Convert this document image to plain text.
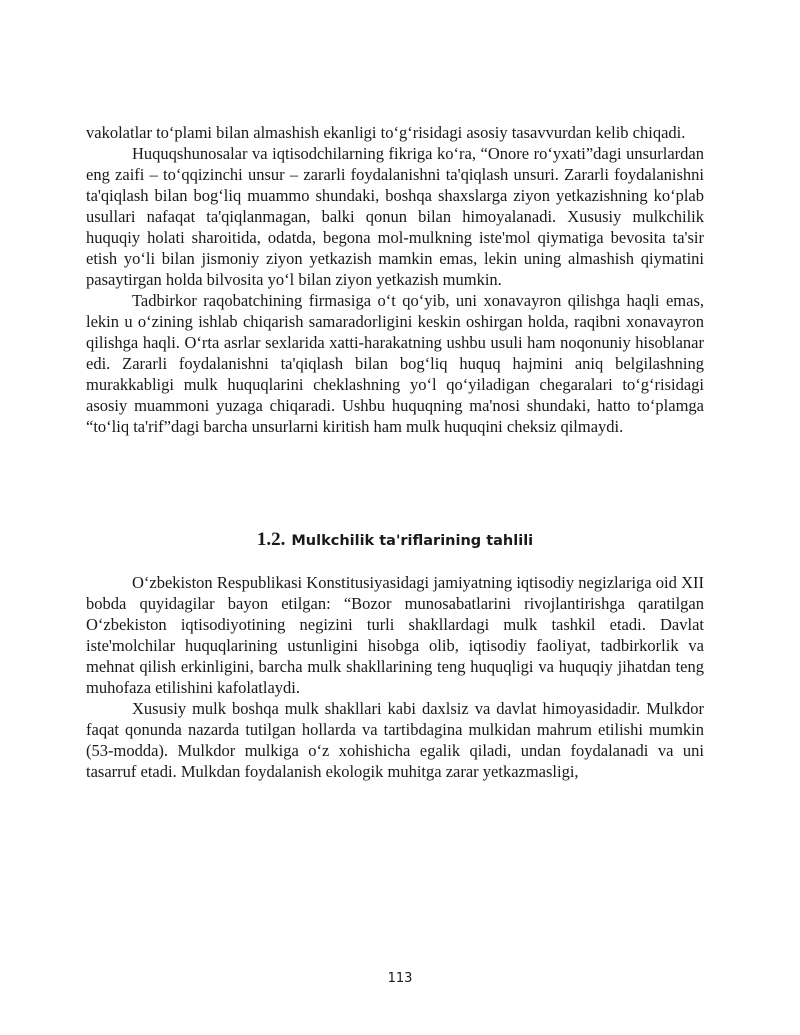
vakolatlar to‘plami bilan almashish ekanligi to‘g‘risidagi asosiy tasavvurdan kelib chiqadi.

Huquqshunosalar va iqtisodchilarning fikriga ko‘ra, “Onore ro‘yxati”dagi unsurlardan eng zaifi – to‘qqizinchi unsur – zararli foydalanishni ta'qiqlash unsuri. Zararli foydalanishni ta'qiqlash bilan bog‘liq muammo shundaki, boshqa shaxslarga ziyon yetkazishning ko‘plab usullari nafaqat ta'qiqlanmagan, balki qonun bilan himoyalanadi. Xususiy mulkchilik huquqiy holati sharoitida, odatda, begona mol-mulkning iste'mol qiymatiga bevosita ta'sir etish yo‘li bilan jismoniy ziyon yetkazish mamkin emas, lekin uning almashish qiymatini pasaytirgan holda bilvosita yo‘l bilan ziyon yetkazish mumkin.

Tadbirkor raqobatchining firmasiga o‘t qo‘yib, uni xonavayron qilishga haqli emas, lekin u o‘zining ishlab chiqarish samaradorligini keskin oshirgan holda, raqibni xonavayron qilishga haqli. O‘rta asrlar sexlarida xatti-harakatning ushbu usuli ham noqonuniy hisoblanar edi. Zararli foydalanishni ta'qiqlash bilan bog‘liq huquq hajmini aniq belgilashning murakkabligi mulk huquqlarini cheklashning yo‘l qo‘yiladigan chegaralari to‘g‘risidagi asosiy muammoni yuzaga chiqaradi. Ushbu huquqning ma'nosi shundaki, hatto to‘plamga “to‘liq ta'rif”dagi barcha unsurlarni kiritish ham mulk huquqini cheksiz qilmaydi.

1.2. Mulkchilik ta'riflarining tahlili

O‘zbekiston Respublikasi Konstitusiyasidagi jamiyatning iqtisodiy negizlariga oid XII bobda quyidagilar bayon etilgan: “Bozor munosabatlarini rivojlantirishga qaratilgan O‘zbekiston iqtisodiyotining negizini turli shakllardagi mulk tashkil etadi. Davlat iste'molchilar huquqlarining ustunligini hisobga olib, iqtisodiy faoliyat, tadbirkorlik va mehnat qilish erkinligini, barcha mulk shakllarining teng huquqligi va huquqiy jihatdan teng muhofaza etilishini kafolatlaydi.

Xususiy mulk boshqa mulk shakllari kabi daxlsiz va davlat himoyasidadir. Mulkdor faqat qonunda nazarda tutilgan hollarda va tartibdagina mulkidan mahrum etilishi mumkin (53-modda). Mulkdor mulkiga o‘z xohishicha egalik qiladi, undan foydalanadi va uni tasarruf etadi. Mulkdan foydalanish ekologik muhitga zarar yetkazmasligi,

113
